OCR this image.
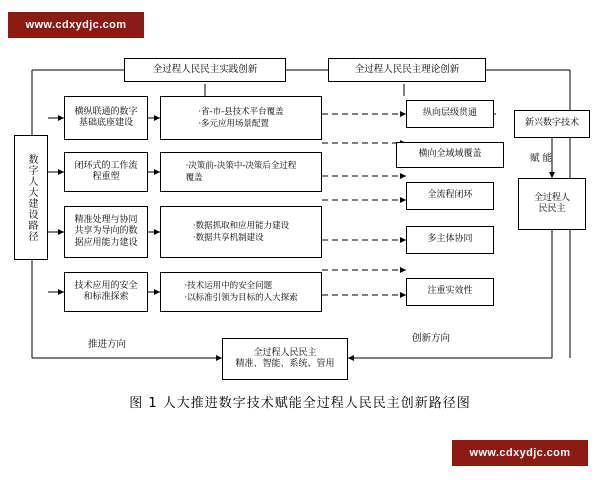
www.cdxydjc.com
www.cdxydjc.com
数字人大建设路径
全过程人民民主实践创新	全过程人民民主理论创新
横纵联通的数字
基础底座建设
闭环式的工作流
程重塑
精准处理与协同
共享为导向的数
据应用能力建设
技术应用的安全
和标准探索
·省-市-县技术平台覆盖
·多元应用场景配置
·决策前-决策中-决策后全过程
覆盖
·数据抓取和应用能力建设
·数据共享机制建设
·技术运用中的安全问题
·以标准引领为目标的人大探索
纵向层级贯通
横向全域域覆盖
全流程闭环
多主体协同
注重实效性
新兴数字技术
赋 能
全过程人
民民主
全过程人民民主
精准、智能、系统、管用
推进方向
创新方向
图 1 人大推进数字技术赋能全过程人民民主创新路径图
